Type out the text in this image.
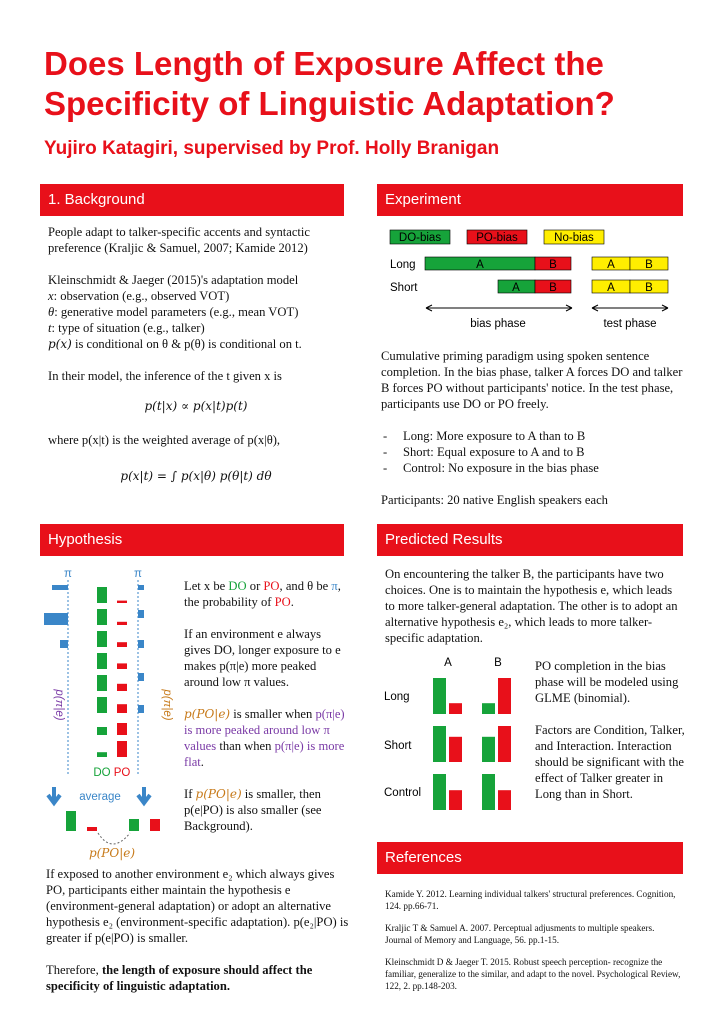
Does Length of Exposure Affect the Specificity of Linguistic Adaptation?
Yujiro Katagiri, supervised by Prof. Holly Branigan
1. Background

People adapt to talker-specific accents and syntactic preference (Kraljic & Samuel, 2007; Kamide 2012)

Kleinschmidt & Jaeger (2015)'s adaptation model
x: observation (e.g., observed VOT)
θ: generative model parameters (e.g., mean VOT)
t: type of situation (e.g., talker)

p(x) is conditional on θ & p(θ) is conditional on t.

In their model, the inference of the t given x is
p(t|x) ∝ p(x|t)p(t)
where p(x|t) is the weighted average of p(x|θ),
p(x|t) = ∫ p(x|θ) p(θ|t) dθ
Hypothesis
π	π
p(π|e)	p(π|e)
DO PO
average
p(PO|e)

Let x be DO or PO, and θ be π, the probability of PO.

If an environment e always gives DO, longer exposure to e makes p(π|e) more peaked around low π values.

p(PO|e) is smaller when p(π|e) is more peaked around low π values than when p(π|e) is more flat.

If p(PO|e) is smaller, then p(e|PO) is also smaller (see Background).

If exposed to another environment e₂ which always gives PO, participants either maintain the hypothesis e (environment-general adaptation) or adopt an alternative hypothesis e₂ (environment-specific adaptation). p(e₂|PO) is greater if p(e|PO) is smaller.

Therefore, the length of exposure should affect the specificity of linguistic adaptation.

Experiment
DO-bias	PO-bias	No-bias
Long	A	B	A	B
Short	A	B	A	B
bias phase	test phase

Cumulative priming paradigm using spoken sentence completion. In the bias phase, talker A forces DO and talker B forces PO without participants' notice. In the test phase, participants use DO or PO freely.

- Long: More exposure to A than to B
- Short: Equal exposure to A and to B
- Control: No exposure in the bias phase

Participants: 20 native English speakers each

Predicted Results
On encountering the talker B, the participants have two choices. One is to maintain the hypothesis e, which leads to more talker-general adaptation. The other is to adopt an alternative hypothesis e₂, which leads to more talker-specific adaptation.
A	B
Long
Short
Control

PO completion in the bias phase will be modeled using GLME (binomial).

Factors are Condition, Talker, and Interaction. Interaction should be significant with the effect of Talker greater in Long than in Short.

References

Kamide Y. 2012. Learning individual talkers' structural preferences. Cognition, 124. pp.66-71.

Kraljic T & Samuel A. 2007. Perceptual adjusments to multiple speakers. Journal of Memory and Language, 56. pp.1-15.

Kleinschmidt D & Jaeger T. 2015. Robust speech perception- recognize the familiar, generalize to the similar, and adapt to the novel. Psychological Review, 122, 2. pp.148-203.
